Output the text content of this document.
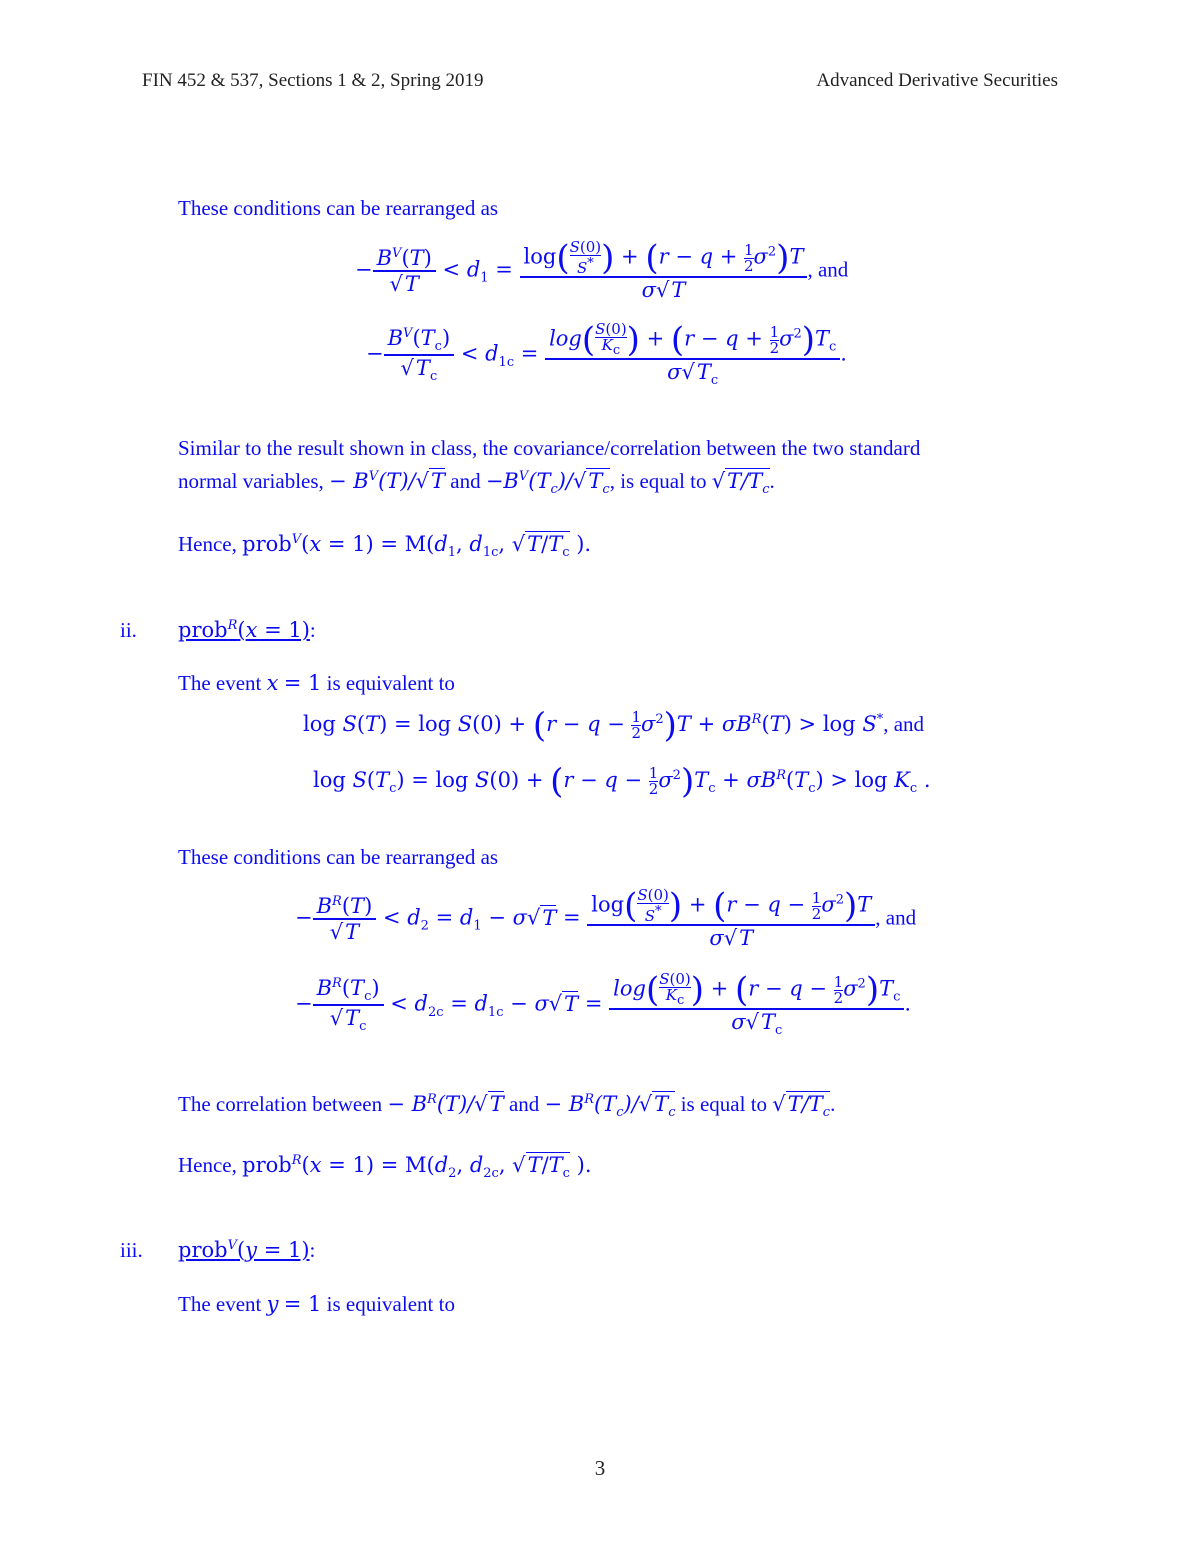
FIN 452 & 537, Sections 1 & 2, Spring 2019	Advanced Derivative Securities
These conditions can be rearranged as
− $\frac{B^V(T)}{√T} < d_1 = \frac{\log( \frac{S(0)}{S^*} ) + (r - q + \frac{1}{2} \sigma^2)T}{\sigma√T}$ , and
− $\frac{B^V(T_c)}{√T_c} < d_{1c} = \frac{\log( \frac{S(0)}{K_c} ) + (r - q + \frac{1}{2} \sigma^2)T_c}{\sigma√T_c}$ .
Similar to the result shown in class, the covariance/correlation between the two standard
normal variables, − $B^V(T)/√T$ and $-B^V(T_c)/√T_c$, is equal to $√T/T_c$.
Hence, prob$^V$(x = $1) = M(d_1$, $d_{1c}$, $√T/T_c$ ).
ii. prob$^R$(x = 1):
The event x = 1 is equivalent to
$\log S(T) = \log S(0) + (r - q - \frac{1}{2} \sigma^2)T + \sigma B^R(T) > \log S^*$, and
$\log S(T_c) = \log S(0) + (r - q - \frac{1}{2} \sigma^2)T_c + \sigma B^R(T_c) > \log K_c$ .
These conditions can be rearranged as
− $\frac{B^R(T)}{√T} < d_2 = d_1 - \sigma√T = \frac{\log( \frac{S(0)}{S^*} ) + (r - q - \frac{1}{2} \sigma^2)T}{\sigma√T}$ , and
− $\frac{B^R(T_c)}{√T_c} < d_{2c} = d_{1c} - \sigma√T = \frac{\log( \frac{S(0)}{K_c} ) + (r - q - \frac{1}{2} \sigma^2)T_c}{\sigma√T_c}$ .
The correlation between − $B^R(T)/√T$ and − $B^R(T_c)/√T_c$ is equal to $√T/T_c$.
Hence, prob$^R$(x = $1) = M(d_2$, $d_{2c}$, $√T/T_c$ ).
iii. prob$^V$(y = 1):
The event y = 1 is equivalent to
3
